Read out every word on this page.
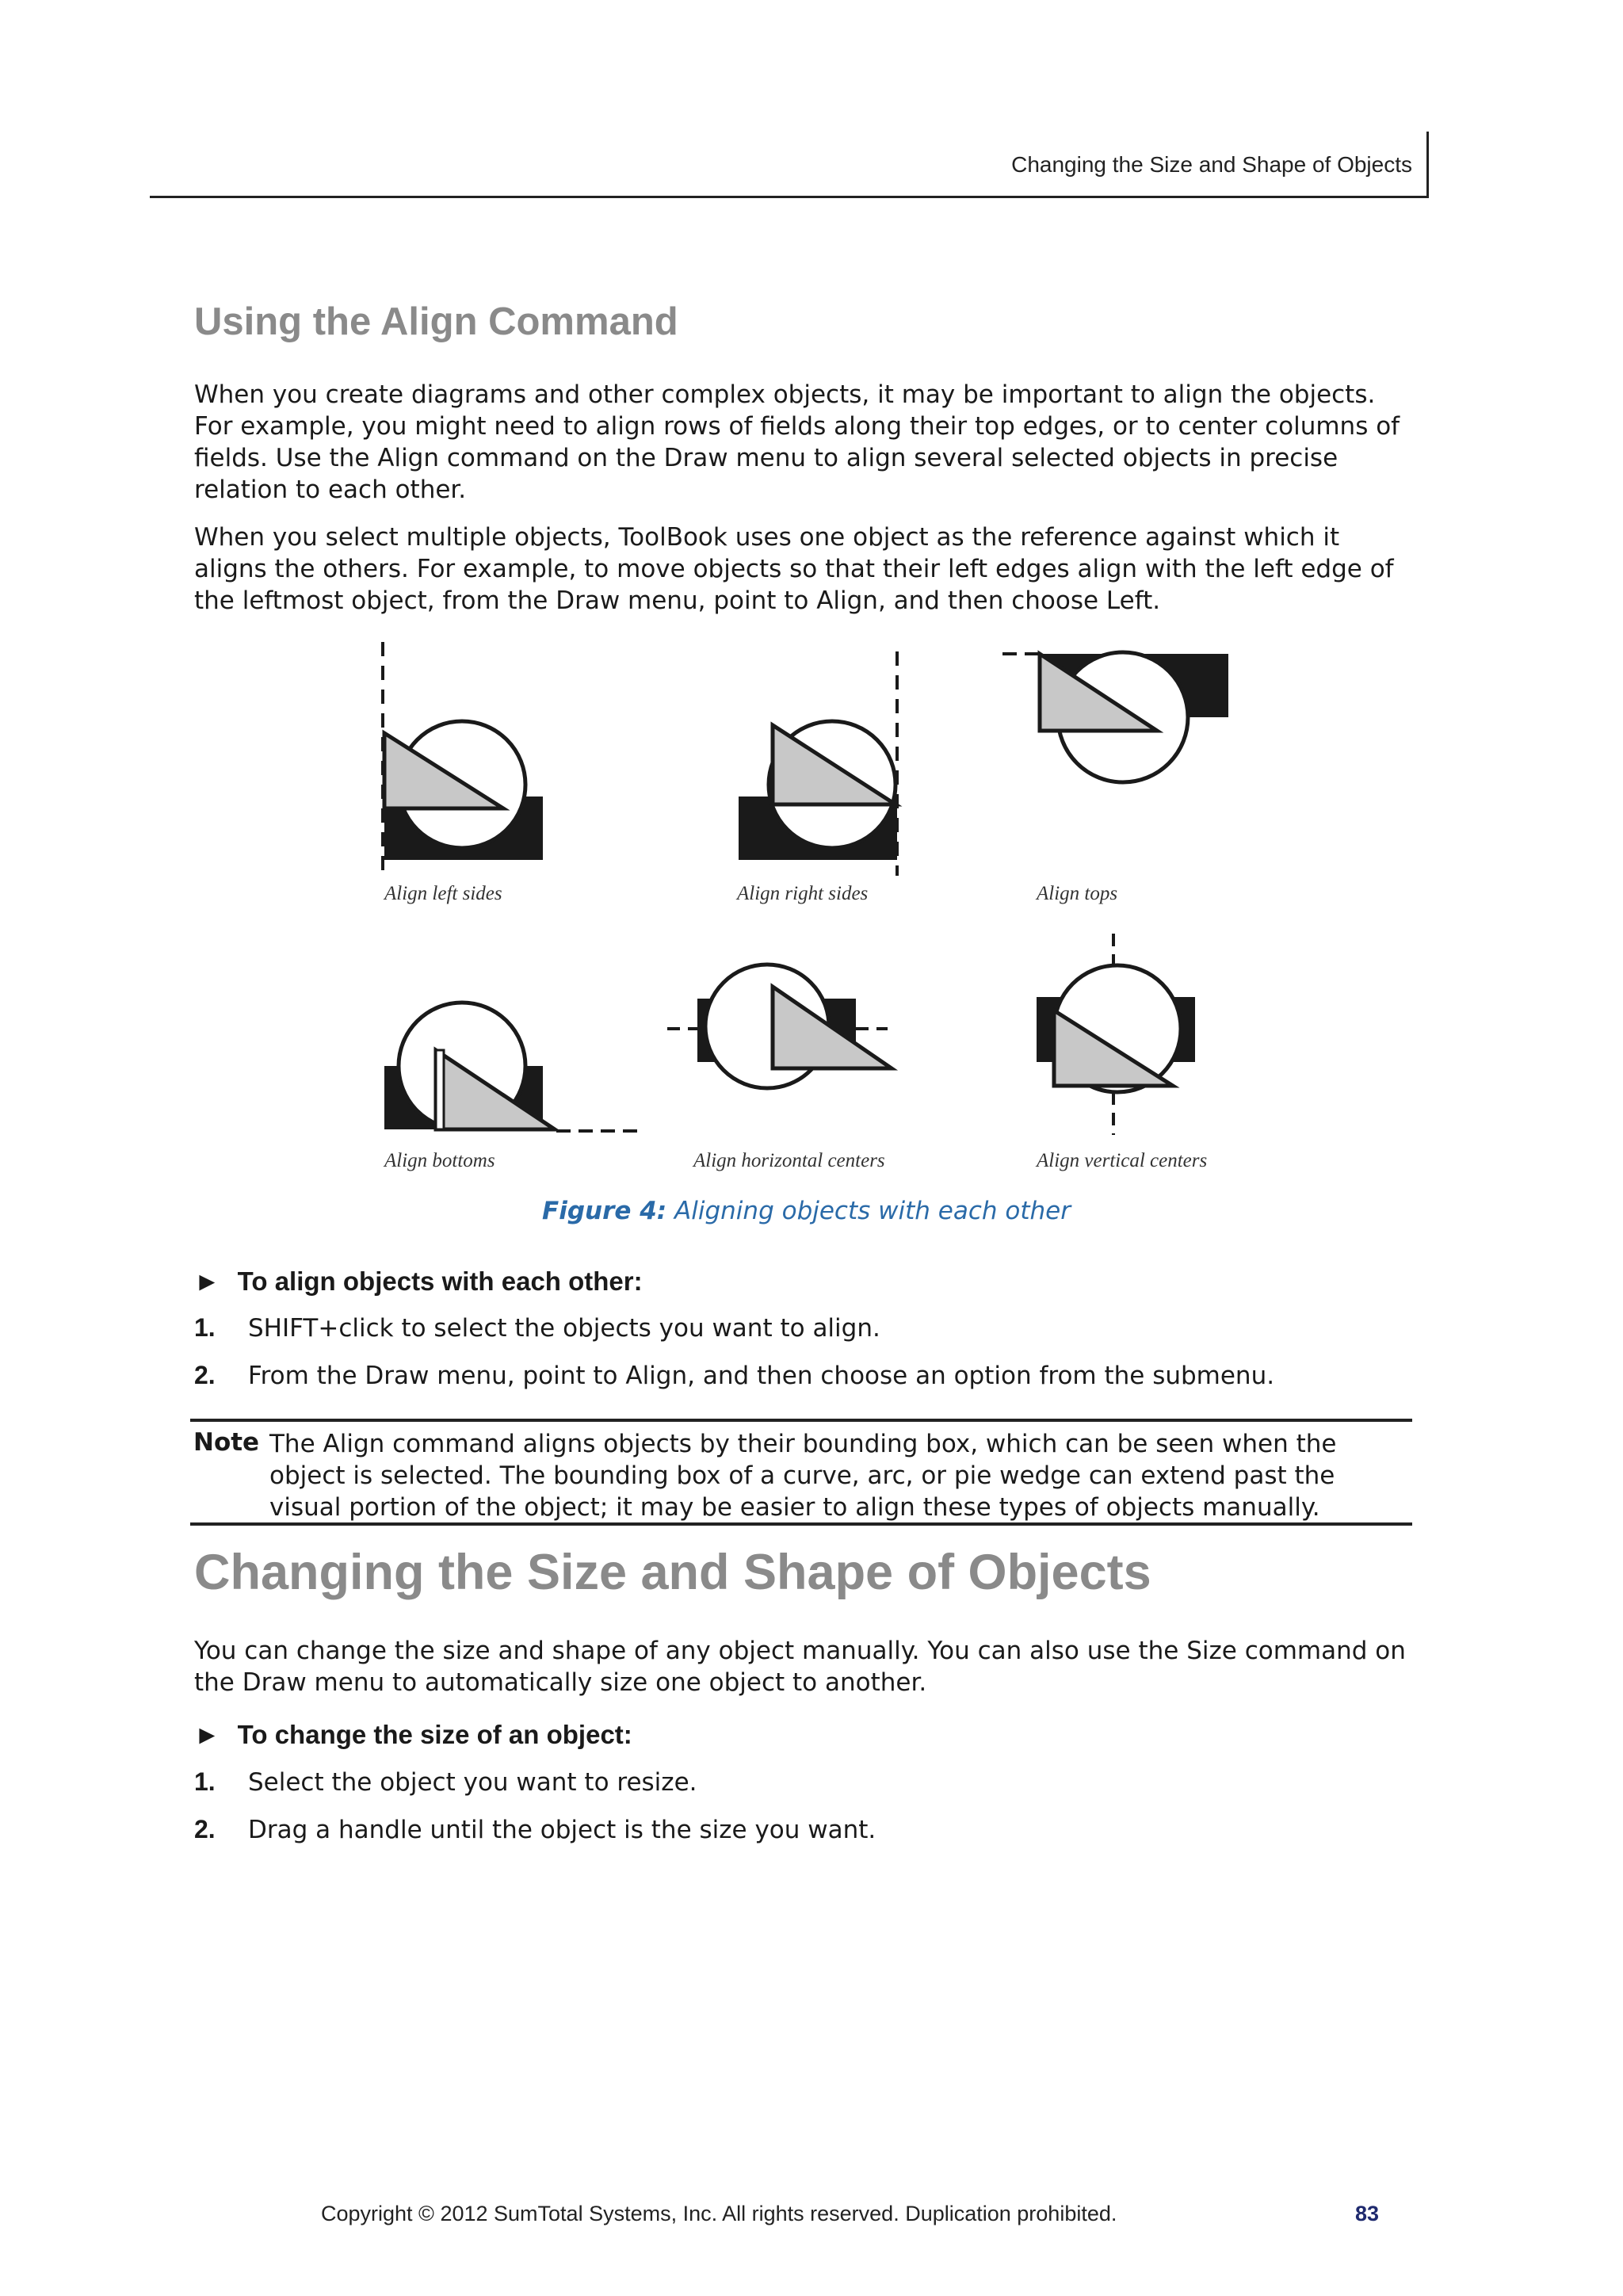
Changing the Size and Shape of Objects
Using the Align Command
When you create diagrams and other complex objects, it may be important to align the objects. For example, you might need to align rows of fields along their top edges, or to center columns of fields. Use the Align command on the Draw menu to align several selected objects in precise relation to each other.
When you select multiple objects, ToolBook uses one object as the reference against which it aligns the others. For example, to move objects so that their left edges align with the left edge of the leftmost object, from the Draw menu, point to Align, and then choose Left.
Align left sides	Align right sides	Align tops
Align bottoms	Align horizontal centers	Align vertical centers
Figure 4: Aligning objects with each other
► To align objects with each other:
1. SHIFT+click to select the objects you want to align.
2. From the Draw menu, point to Align, and then choose an option from the submenu.
Note The Align command aligns objects by their bounding box, which can be seen when the object is selected. The bounding box of a curve, arc, or pie wedge can extend past the visual portion of the object; it may be easier to align these types of objects manually.
Changing the Size and Shape of Objects
You can change the size and shape of any object manually. You can also use the Size command on the Draw menu to automatically size one object to another.
► To change the size of an object:
1. Select the object you want to resize.
2. Drag a handle until the object is the size you want.
Copyright © 2012 SumTotal Systems, Inc. All rights reserved. Duplication prohibited.	83
